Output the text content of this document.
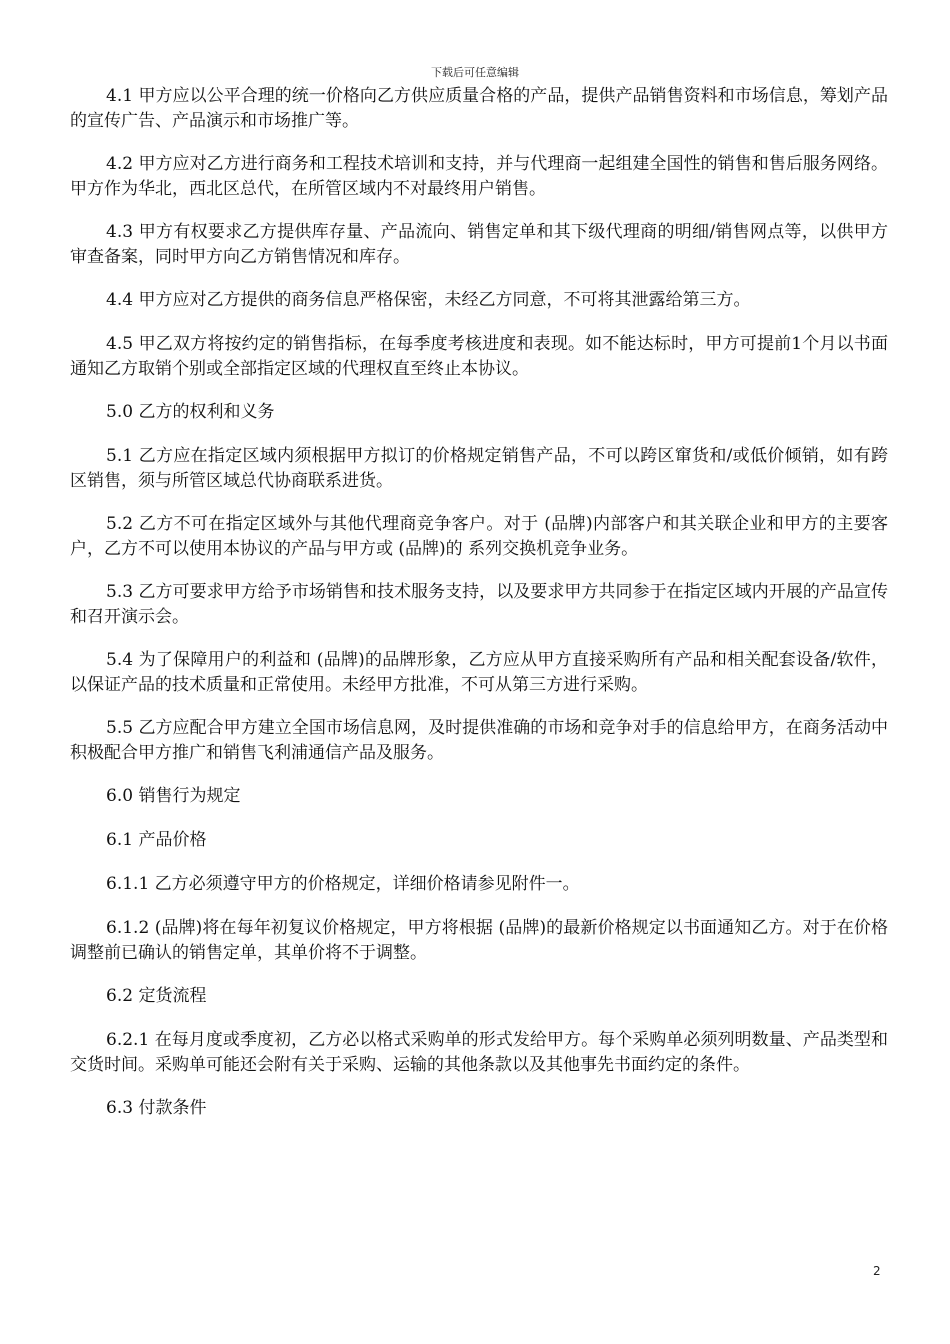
下载后可任意编辑

4.1 甲方应以公平合理的统一价格向乙方供应质量合格的产品，提供产品销售资料和市场信息，筹划产品的宣传广告、产品演示和市场推广等。

4.2 甲方应对乙方进行商务和工程技术培训和支持，并与代理商一起组建全国性的销售和售后服务网络。甲方作为华北，西北区总代，在所管区域内不对最终用户销售。

4.3 甲方有权要求乙方提供库存量、产品流向、销售定单和其下级代理商的明细/销售网点等，以供甲方审查备案，同时甲方向乙方销售情况和库存。

4.4 甲方应对乙方提供的商务信息严格保密，未经乙方同意，不可将其泄露给第三方。

4.5 甲乙双方将按约定的销售指标，在每季度考核进度和表现。如不能达标时，甲方可提前1个月以书面通知乙方取销个别或全部指定区域的代理权直至终止本协议。

5.0 乙方的权利和义务

5.1 乙方应在指定区域内须根据甲方拟订的价格规定销售产品，不可以跨区窜货和/或低价倾销，如有跨区销售，须与所管区域总代协商联系进货。

5.2 乙方不可在指定区域外与其他代理商竞争客户。对于 (品牌)内部客户和其关联企业和甲方的主要客户，乙方不可以使用本协议的产品与甲方或 (品牌)的 系列交换机竞争业务。

5.3 乙方可要求甲方给予市场销售和技术服务支持，以及要求甲方共同参于在指定区域内开展的产品宣传和召开演示会。

5.4 为了保障用户的利益和 (品牌)的品牌形象，乙方应从甲方直接采购所有产品和相关配套设备/软件，以保证产品的技术质量和正常使用。未经甲方批准，不可从第三方进行采购。

5.5 乙方应配合甲方建立全国市场信息网，及时提供准确的市场和竞争对手的信息给甲方，在商务活动中积极配合甲方推广和销售飞利浦通信产品及服务。

6.0 销售行为规定

6.1 产品价格

6.1.1 乙方必须遵守甲方的价格规定，详细价格请参见附件一。

6.1.2 (品牌)将在每年初复议价格规定，甲方将根据 (品牌)的最新价格规定以书面通知乙方。对于在价格调整前已确认的销售定单，其单价将不于调整。

6.2 定货流程

6.2.1 在每月度或季度初，乙方必以格式采购单的形式发给甲方。每个采购单必须列明数量、产品类型和交货时间。采购单可能还会附有关于采购、运输的其他条款以及其他事先书面约定的条件。

6.3 付款条件

2
